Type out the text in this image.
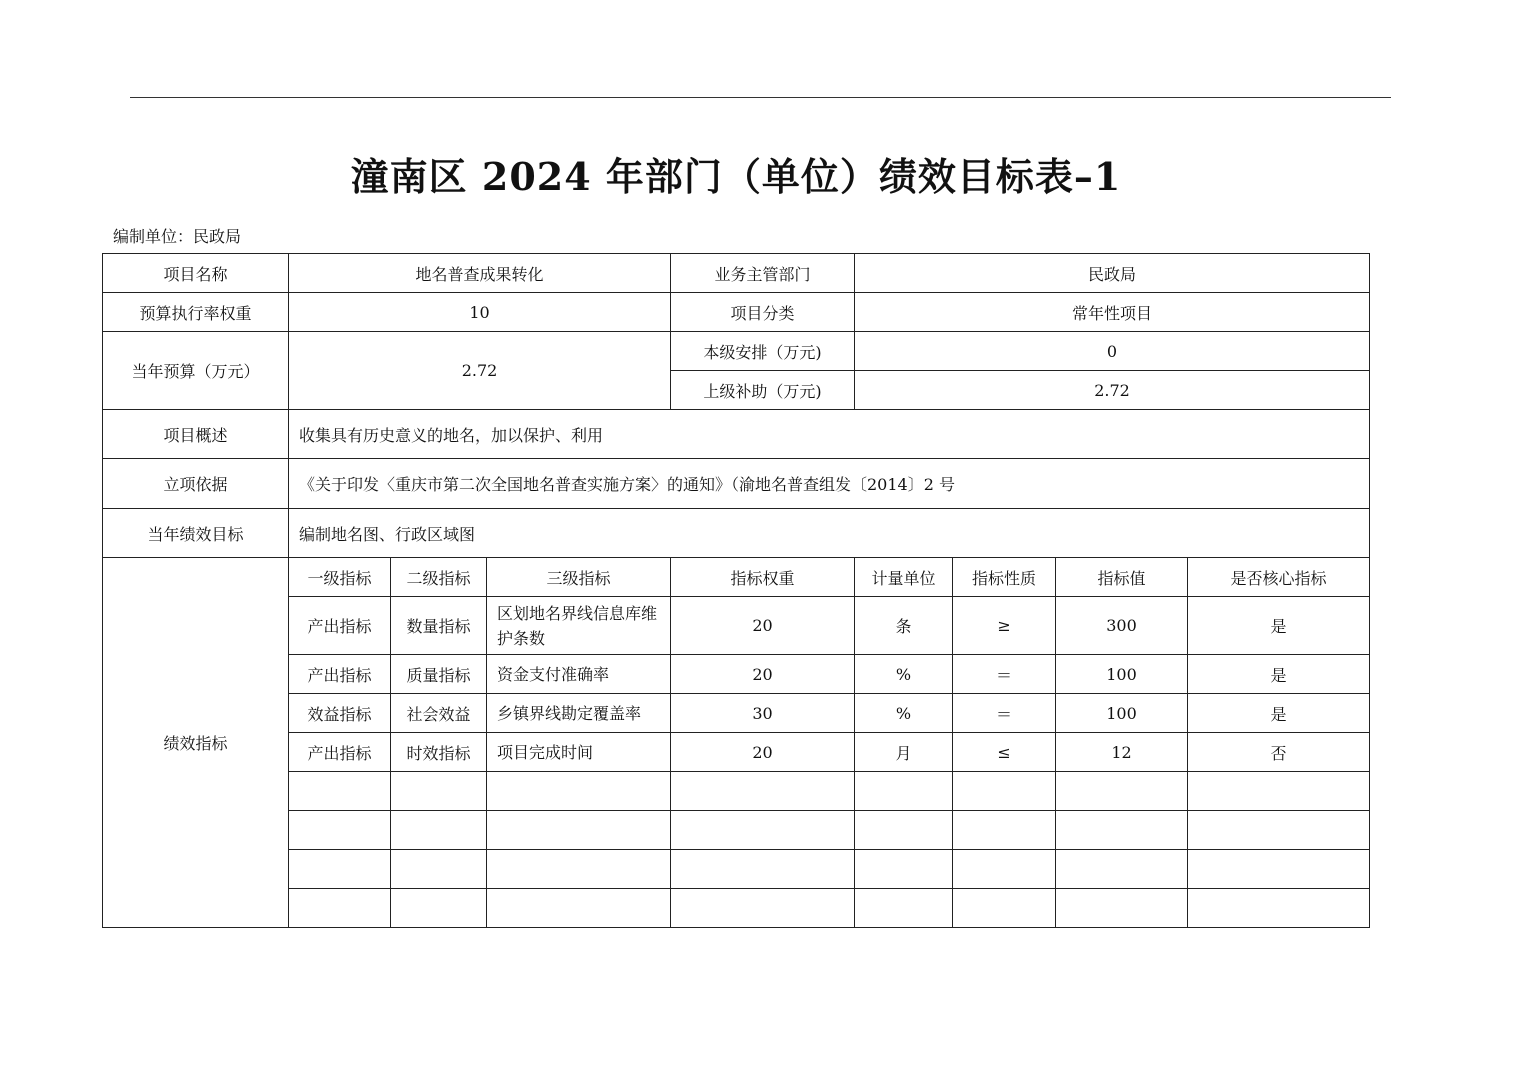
潼南区 2024 年部门（单位）绩效目标表–1
编制单位：民政局
项目名称	地名普查成果转化			业务主管部门	民政局			
预算执行率权重	10			项目分类	常年性项目			
当年预算（万元）	2.72			本级安排（万元)	0			
				上级补助（万元)	2.72			
项目概述	收集具有历史意义的地名，加以保护、利用							
立项依据	《关于印发〈重庆市第二次全国地名普查实施方案〉的通知》（渝地名普查组发〔2014〕2 号							
当年绩效目标	编制地名图、行政区域图							
绩效指标	一级指标	二级指标	三级指标	指标权重	计量单位	指标性质	指标值	是否核心指标
	产出指标	数量指标	区划地名界线信息库维护条数	20	条	≥	300	是
	产出指标	质量指标	资金支付准确率	20	%	＝	100	是
	效益指标	社会效益	乡镇界线勘定覆盖率	30	%	＝	100	是
	产出指标	时效指标	项目完成时间	20	月	≤	12	否
